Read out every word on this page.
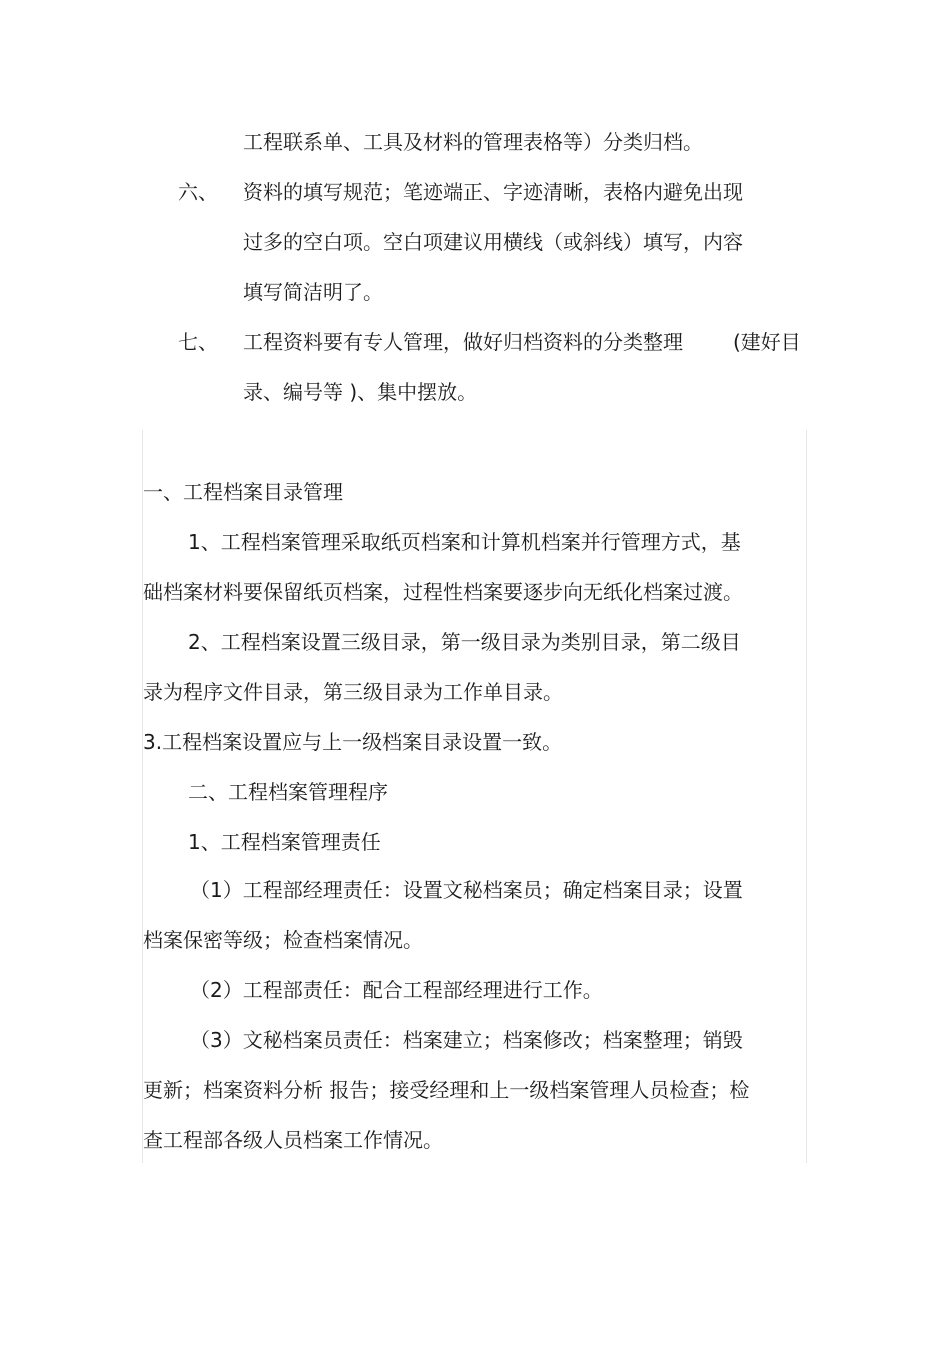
工程联系单、工具及材料的管理表格等）分类归档。
六、 资料的填写规范；笔迹端正、字迹清晰，表格内避免出现
过多的空白项。空白项建议用横线（或斜线）填写，内容
填写简洁明了。
七、 工程资料要有专人管理，做好归档资料的分类整理	(建好目
录、编号等 )、集中摆放。
一、工程档案目录管理
1、工程档案管理采取纸页档案和计算机档案并行管理方式，基
础档案材料要保留纸页档案，过程性档案要逐步向无纸化档案过渡。
2、工程档案设置三级目录，第一级目录为类别目录，第二级目
录为程序文件目录，第三级目录为工作单目录。
3.工程档案设置应与上一级档案目录设置一致。
二、工程档案管理程序
1、工程档案管理责任
（1）工程部经理责任：设置文秘档案员；确定档案目录；设置
档案保密等级；检查档案情况。
（2）工程部责任：配合工程部经理进行工作。
（3）文秘档案员责任：档案建立；档案修改；档案整理；销毁
更新；档案资料分析 报告；接受经理和上一级档案管理人员检查；检
查工程部各级人员档案工作情况。
